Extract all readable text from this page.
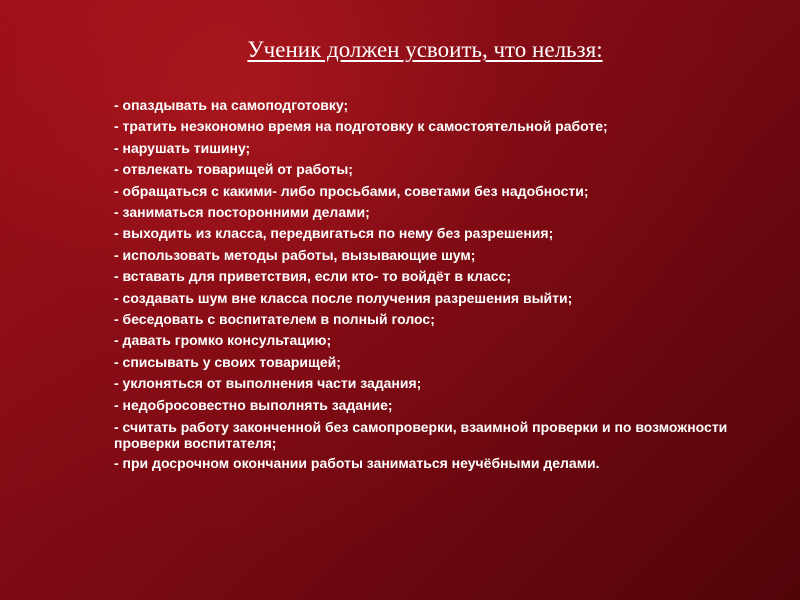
Ученик должен усвоить, что нельзя:
- опаздывать на самоподготовку;
- тратить неэкономно время на подготовку к самостоятельной работе;
- нарушать тишину;
- отвлекать товарищей от работы;
- обращаться с какими- либо просьбами, советами без надобности;
- заниматься посторонними делами;
- выходить из класса, передвигаться по нему без разрешения;
- использовать методы работы, вызывающие шум;
- вставать для приветствия, если кто- то войдёт в класс;
- создавать шум вне класса после получения разрешения выйти;
- беседовать с воспитателем в полный голос;
- давать громко консультацию;
- списывать у своих товарищей;
- уклоняться от выполнения части задания;
- недобросовестно выполнять задание;
- считать работу законченной без самопроверки, взаимной проверки и по возможности проверки воспитателя;
- при досрочном окончании работы заниматься неучёбными делами.
